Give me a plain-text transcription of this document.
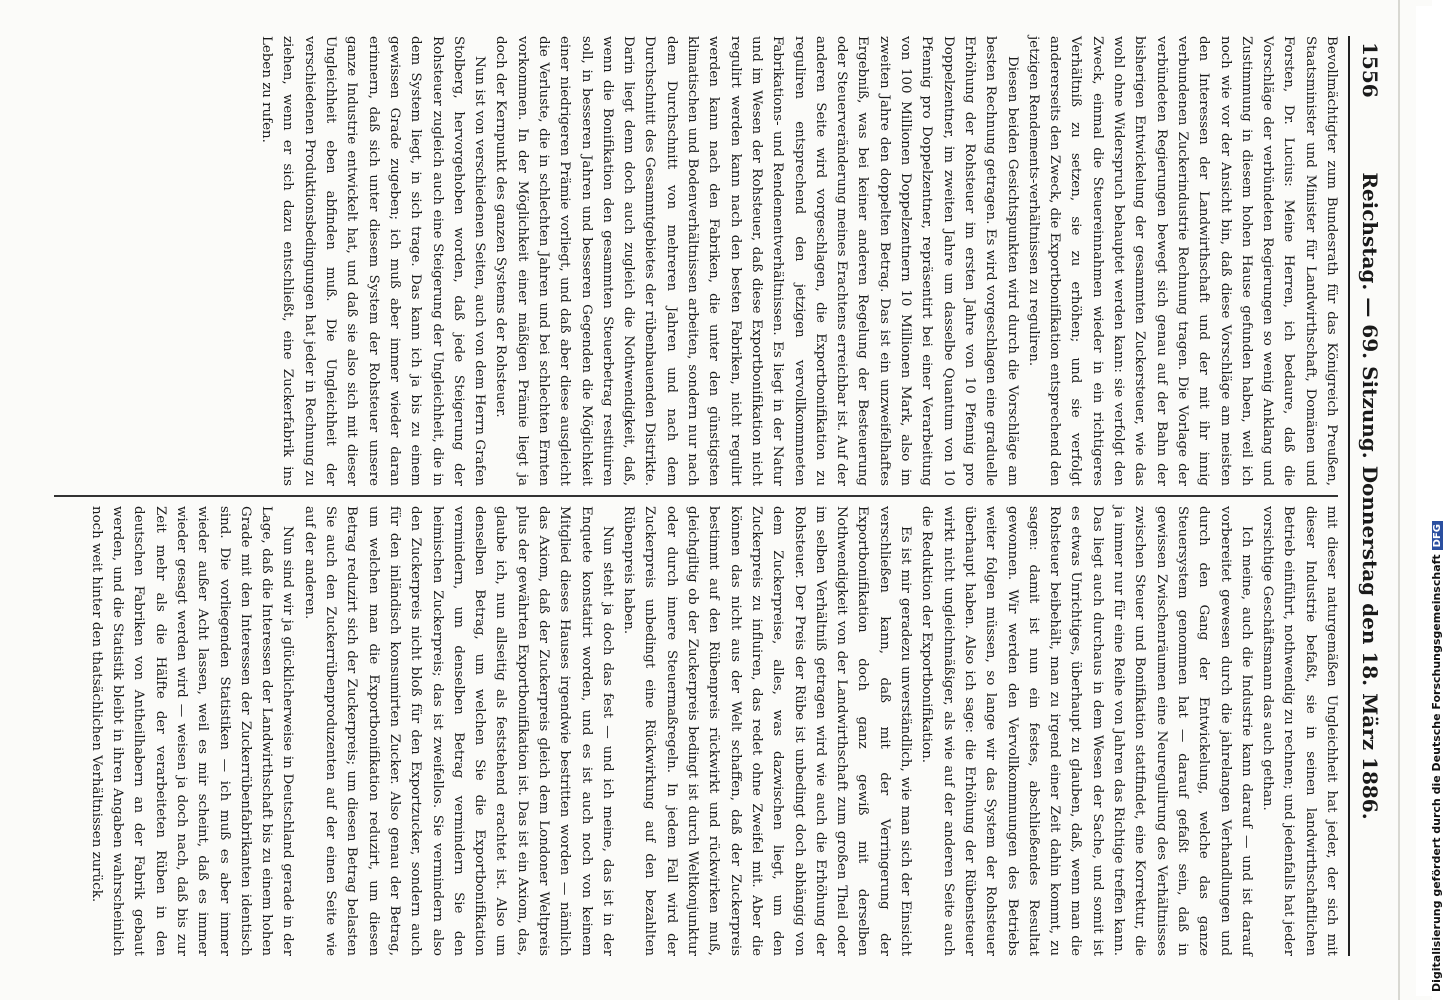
1556
Reichstag. — 69. Sitzung. Donnerstag den 18. März 1886.

Bevollmächtigter zum Bundesrath für das Königreich Preußen, Staatsminister und Minister für Landwirthschaft, Domänen und Forsten, Dr. Lucius: Meine Herren, ich bedaure, daß die Vorschläge der verbündeten Regierungen so wenig Anklang und Zustimmung in diesem hohen Hause gefunden haben, weil ich noch wie vor der Ansicht bin, daß diese Vorschläge am meisten den Interessen der Landwirthschaft und der mit ihr innig verbundenen Zuckerindustrie Rechnung tragen. Die Vorlage der verbündeten Regierungen bewegt sich genau auf der Bahn der bisherigen Entwickelung der gesammten Zuckersteuer, wie das wohl ohne Widerspruch behauptet werden kann: sie verfolgt den Zweck, einmal die Steuereinnahmen wieder in ein richtigeres Verhältniß zu setzen, sie zu erhöhen; und sie verfolgt andererseits den Zweck, die Exportbonifikation entsprechend den jetzigen Rendements-verhältnissen zu reguliren.

Diesen beiden Gesichtspunkten wird durch die Vorschläge am besten Rechnung getragen. Es wird vorgeschlagen eine graduelle Erhöhung der Rohsteuer im ersten Jahre von 10 Pfennig pro Doppelzentner, im zweiten Jahre um dasselbe Quantum von 10 Pfennig pro Doppelzentner, repräsentirt bei einer Verarbeitung von 100 Millionen Doppelzentnern 10 Millionen Mark, also im zweiten Jahre den doppelten Betrag. Das ist ein unzweifelhaftes Ergebniß, was bei keiner anderen Regelung der Besteuerung oder Steuerveränderung meines Erachtens erreichbar ist. Auf der anderen Seite wird vorgeschlagen, die Exportbonifikation zu reguliren entsprechend den jetzigen vervollkommneten Fabrikations- und Rendementverhältnissen. Es liegt in der Natur und im Wesen der Rohsteuer, daß diese Exportbonifikation nicht regulirt werden kann nach den besten Fabriken, nicht regulirt werden kann nach den Fabriken, die unter den günstigsten klimatischen und Bodenverhältnissen arbeiten, sondern nur nach dem Durchschnitt von mehreren Jahren und nach dem Durchschnitt des Gesammtgebietes der rübenbauenden Distrikte. Darin liegt denn doch auch zugleich die Nothwendigkeit, daß, wenn die Bonifikation den gesammten Steuerbetrag restituiren soll, in besseren Jahren und besseren Gegenden die Möglichkeit einer niedrigeren Prämie vorliegt, und daß aber diese ausgleicht die Verluste, die in schlechten Jahren und bei schlechten Ernten vorkommen. In der Möglichkeit einer mäßigen Prämie liegt ja doch der Kernpunkt des ganzen Systems der Rohsteuer.

Nun ist von verschiedenen Seiten, auch von dem Herrn Grafen Stolberg, hervorgehoben worden, daß jede Steigerung der Rohsteuer zugleich auch eine Steigerung der Ungleichheit, die in dem System liegt, in sich trage. Das kann ich ja bis zu einem gewissen Grade zugeben; ich muß aber immer wieder daran erinnern, daß sich unter diesem System der Rohsteuer unsere ganze Industrie entwickelt hat, und daß sie also sich mit dieser Ungleichheit eben abfinden muß. Die Ungleichheit der verschiedenen Produktionsbedingungen hat jeder in Rechnung zu ziehen, wenn er sich dazu entschließt, eine Zuckerfabrik ins Leben zu rufen.

mit dieser naturgemäßen Ungleichheit hat jeder, der sich mit dieser Industrie befaßt, sie in seinen landwirthschaftlichen Betrieb einführt, nothwendig zu rechnen; und jedenfalls hat jeder vorsichtige Geschäftsmann das auch gethan.

Ich meine, auch die Industrie kann darauf — und ist darauf vorbereitet gewesen durch die jahrelangen Verhandlungen und durch den Gang der Entwickelung, welche das ganze Steuersystem genommen hat — darauf gefaßt sein, daß in gewissen Zwischenräumen eine Neuregulirung des Verhältnisses zwischen Steuer und Bonifikation stattfindet, eine Korrektur, die ja immer nur für eine Reihe von Jahren das Richtige treffen kann. Das liegt auch durchaus in dem Wesen der Sache, und somit ist es etwas Unrichtiges, überhaupt zu glauben, daß, wenn man die Rohsteuer beibehält, man zu irgend einer Zeit dahin kommt, zu sagen: damit ist nun ein festes, abschließendes Resultat gewonnen. Wir werden den Vervollkommnungen des Betriebs weiter folgen müssen, so lange wir das System der Rohsteuer überhaupt haben. Also ich sage: die Erhöhung der Rübensteuer wirkt nicht ungleichmäßiger, als wie auf der anderen Seite auch die Reduktion der Exportbonifikation.

Es ist mir geradezu unverständlich, wie man sich der Einsicht verschließen kann, daß mit der Verringerung der Exportbonifikation doch ganz gewiß mit derselben Nothwendigkeit von der Landwirthschaft zum großen Theil oder im selben Verhältniß getragen wird wie auch die Erhöhung der Rohsteuer. Der Preis der Rübe ist unbedingt doch abhängig von dem Zuckerpreise, alles, was dazwischen liegt, um den Zuckerpreis zu influiren, das redet ohne Zweifel mit. Aber die können das nicht aus der Welt schaffen, daß der Zuckerpreis bestimmt auf den Rübenpreis rückwirkt und rückwirken muß, gleichgiltig ob der Zuckerpreis bedingt ist durch Weltkonjunktur oder durch innere Steuermaßregeln. In jedem Fall wird der Zuckerpreis unbedingt eine Rückwirkung auf den bezahlten Rübenpreis haben.

Nun steht ja doch das fest — und ich meine, das ist in der Enquete konstatirt worden, und es ist auch noch von keinem Mitglied dieses Hauses irgendwie bestritten worden — nämlich das Axiom, daß der Zuckerpreis gleich dem Londoner Weltpreis plus der gewährten Exportbonifikation ist. Das ist ein Axiom, das, glaube ich, nun allseitig als feststehend erachtet ist. Also um denselben Betrag, um welchen Sie die Exportbonifikation vermindern, um denselben Betrag vermindern Sie den heimischen Zuckerpreis; das ist zweifellos. Sie vermindern also den Zuckerpreis nicht bloß für den Exportzucker, sondern auch für den inländisch konsumirten Zucker. Also genau der Betrag, um welchen man die Exportbonifikation reduzirt, um diesen Betrag reduzirt sich der Zuckerpreis; um diesen Betrag belasten Sie auch den Zuckerrübenproduzenten auf der einen Seite wie auf der anderen.

Nun sind wir ja glücklicherweise in Deutschland gerade in der Lage, daß die Interessen der Landwirthschaft bis zu einem hohen Grade mit den Interessen der Zuckerrübenfabrikanten identisch sind. Die vorliegenden Statistiken — ich muß es aber immer wieder außer Acht lassen, weil es mir scheint, daß es immer wieder gesagt werden wird — weisen ja doch nach, daß bis zur Zeit mehr als die Hälfte der verarbeiteten Rüben in den deutschen Fabriken von Antheilhabern an der Fabrik gebaut werden, und die Statistik bleibt in ihren Angaben wahrscheinlich noch weit hinter den thatsächlichen Verhältnissen zurück.	Digitalisierung gefördert durch die Deutsche ForschungsgemeinschaftDFG
